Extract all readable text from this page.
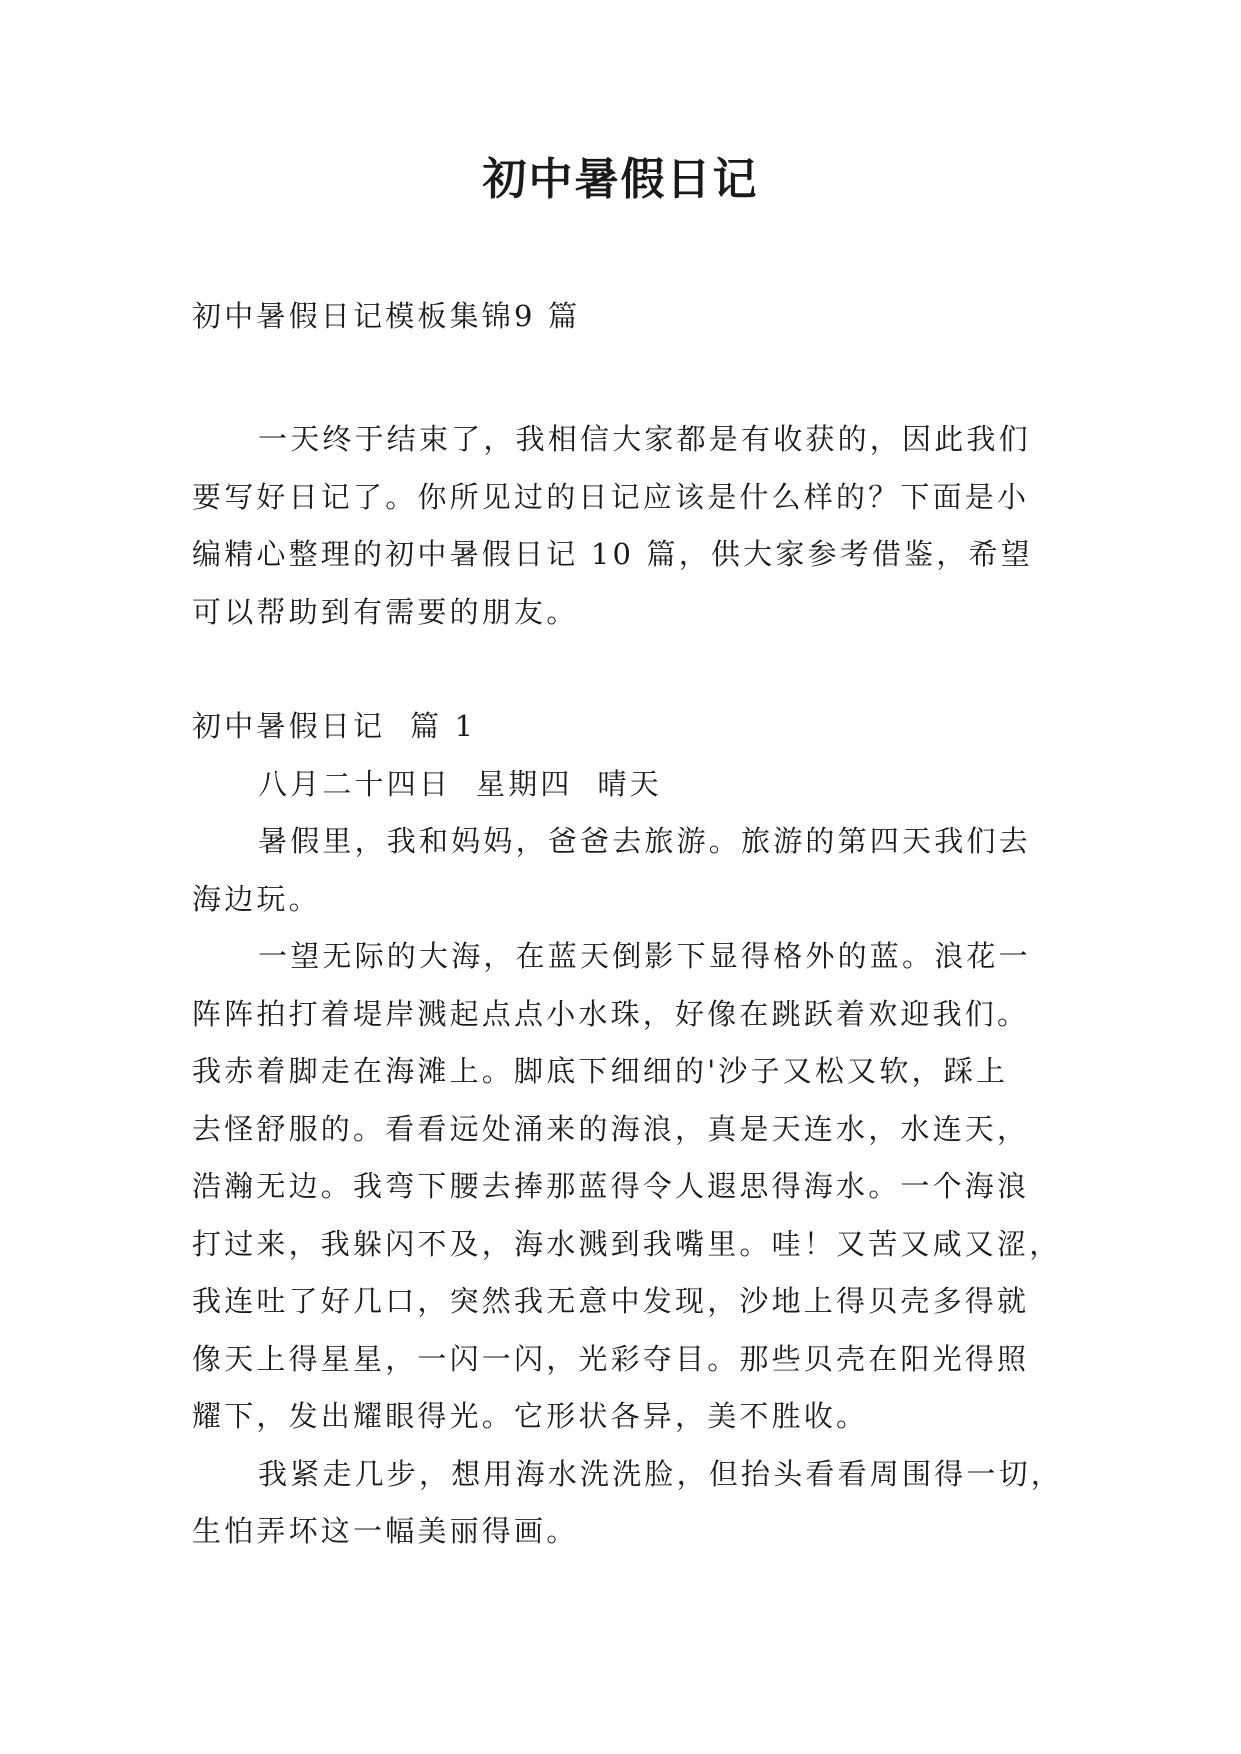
初中暑假日记

初中暑假日记模板集锦9 篇

一天终于结束了，我相信大家都是有收获的，因此我们

要写好日记了。你所见过的日记应该是什么样的？下面是小

编精心整理的初中暑假日记 10 篇，供大家参考借鉴，希望

可以帮助到有需要的朋友。

初中暑假日记  篇 1

八月二十四日  星期四  晴天

暑假里，我和妈妈，爸爸去旅游。旅游的第四天我们去

海边玩。

一望无际的大海，在蓝天倒影下显得格外的蓝。浪花一

阵阵拍打着堤岸溅起点点小水珠，好像在跳跃着欢迎我们。

我赤着脚走在海滩上。脚底下细细的'沙子又松又软，踩上

去怪舒服的。看看远处涌来的海浪，真是天连水，水连天，

浩瀚无边。我弯下腰去捧那蓝得令人遐思得海水。一个海浪

打过来，我躲闪不及，海水溅到我嘴里。哇！又苦又咸又涩，

我连吐了好几口，突然我无意中发现，沙地上得贝壳多得就

像天上得星星，一闪一闪，光彩夺目。那些贝壳在阳光得照

耀下，发出耀眼得光。它形状各异，美不胜收。

我紧走几步，想用海水洗洗脸，但抬头看看周围得一切，

生怕弄坏这一幅美丽得画。
